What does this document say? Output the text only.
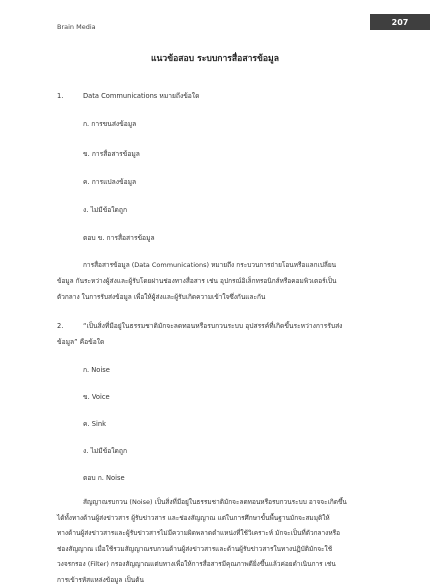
Brain Media
207
แนวข้อสอบ ระบบการสื่อสารข้อมูล
1.	Data Communications หมายถึงข้อใด
ก. การขนส่งข้อมูล
ข. การสื่อสารข้อมูล
ค. การแปลงข้อมูล
ง. ไม่มีข้อใดถูก
ตอบ ข. การสื่อสารข้อมูล
การสื่อสารข้อมูล (Data Communications) หมายถึง กระบวนการถ่ายโอนหรือแลกเปลี่ยน
ข้อมูล กันระหว่างผู้ส่งและผู้รับโดยผ่านช่องทางสื่อสาร เช่น อุปกรณ์อิเล็กทรอนิกส์หรือคอมพิวเตอร์เป็น
ตัวกลาง ในการรับส่งข้อมูล เพื่อให้ผู้ส่งและผู้รับเกิดความเข้าใจซึ่งกันและกัน
2.	“เป็นสิ่งที่มีอยู่ในธรรมชาติมักจะลดทอนหรือรบกวนระบบ อุปสรรค์ที่เกิดขึ้นระหว่างการรับส่ง
ข้อมูล” คือข้อใด
ก. Noise
ข. Voice
ค. Sink
ง. ไม่มีข้อใดถูก
ตอบ ก. Noise
สัญญาณรบกวน (Noise) เป็นสิ่งที่มีอยู่ในธรรมชาติมักจะลดทอนหรือรบกวนระบบ อาจจะเกิดขึ้น
ได้ทั้งทางด้านผู้ส่งข่าวสาร ผู้รับข่าวสาร และช่องสัญญาณ แต่ในการศึกษาขั้นพื้นฐานมักจะสมมุติให้
ทางด้านผู้ส่งข่าวสารและผู้รับข่าวสารไม่มีความผิดพลาดตำแหน่งที่ใช้วิเคราะห์ มักจะเป็นที่ตัวกลางหรือ
ช่องสัญญาณ เมื่อใช้รวมสัญญาณรบกวนด้านผู้ส่งข่าวสารและด้านผู้รับข่าวสารในทางปฏิบัติมักจะใช้
วงจรกรอง (Filter) กรองสัญญาณแต่บทางเพื่อให้การสื่อสารมีคุณภาพดียิ่งขึ้นแล้วค่อยดำเนินการ เช่น
การเข้ารหัสแหล่งข้อมูล เป็นต้น
